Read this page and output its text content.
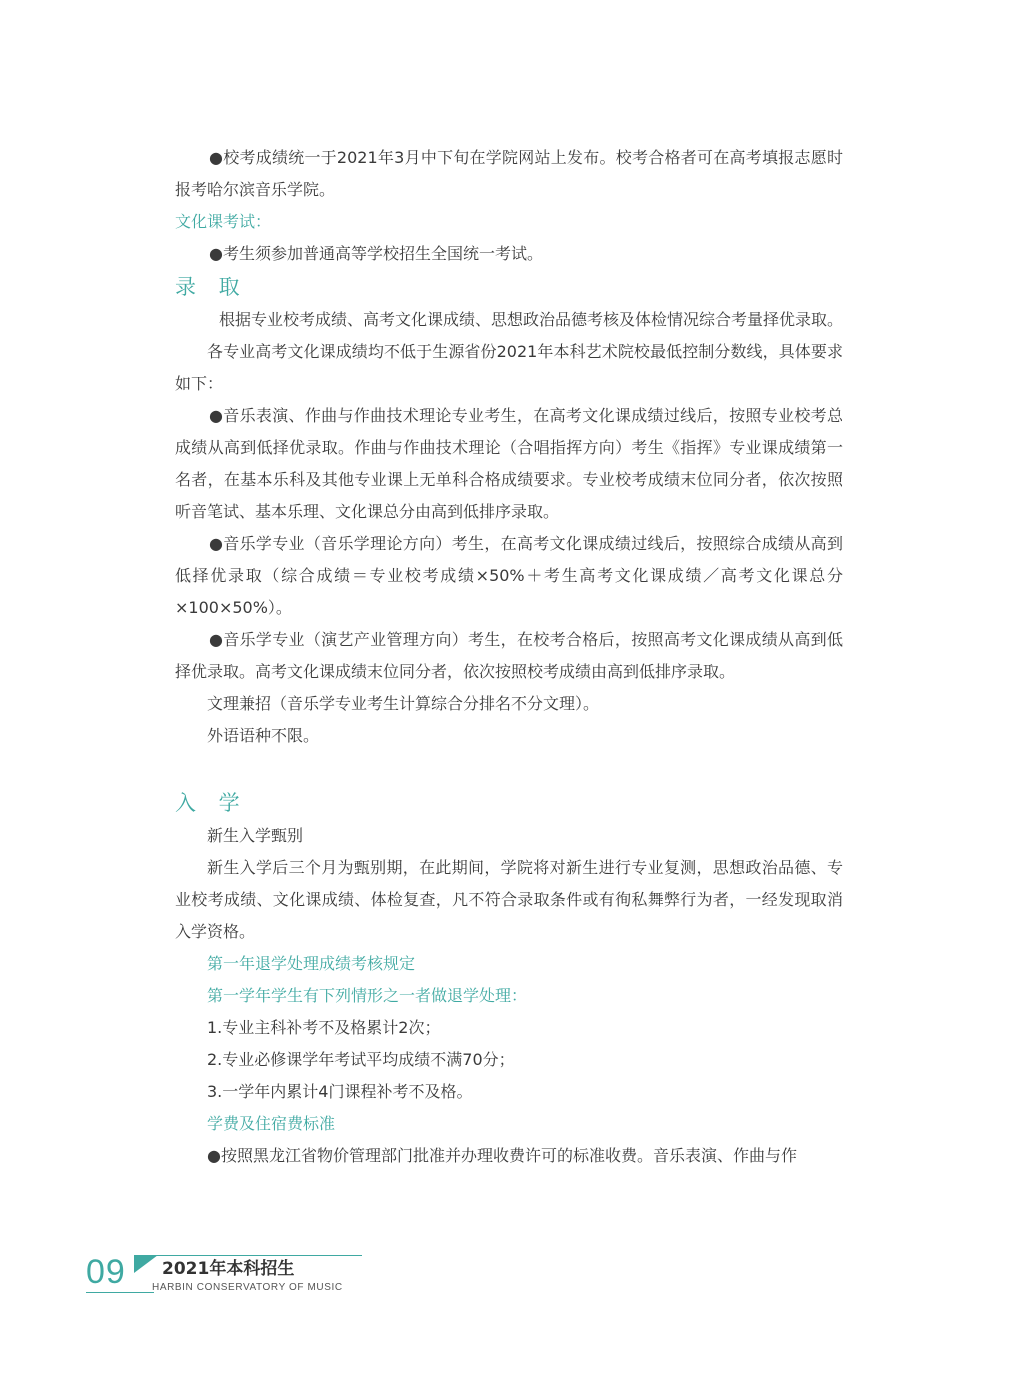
●校考成绩统一于2021年3月中下旬在学院网站上发布。校考合格者可在高考填报志愿时报考哈尔滨音乐学院。

文化课考试：

●考生须参加普通高等学校招生全国统一考试。

录 取

根据专业校考成绩、高考文化课成绩、思想政治品德考核及体检情况综合考量择优录取。

各专业高考文化课成绩均不低于生源省份2021年本科艺术院校最低控制分数线，具体要求如下：

●音乐表演、作曲与作曲技术理论专业考生，在高考文化课成绩过线后，按照专业校考总成绩从高到低择优录取。作曲与作曲技术理论（合唱指挥方向）考生《指挥》专业课成绩第一名者，在基本乐科及其他专业课上无单科合格成绩要求。专业校考成绩末位同分者，依次按照听音笔试、基本乐理、文化课总分由高到低排序录取。

●音乐学专业（音乐学理论方向）考生，在高考文化课成绩过线后，按照综合成绩从高到低择优录取（综合成绩＝专业校考成绩×50%＋考生高考文化课成绩／高考文化课总分×100×50%）。

●音乐学专业（演艺产业管理方向）考生，在校考合格后，按照高考文化课成绩从高到低择优录取。高考文化课成绩末位同分者，依次按照校考成绩由高到低排序录取。

文理兼招（音乐学专业考生计算综合分排名不分文理）。

外语语种不限。

入 学

新生入学甄别

新生入学后三个月为甄别期，在此期间，学院将对新生进行专业复测，思想政治品德、专业校考成绩、文化课成绩、体检复查，凡不符合录取条件或有徇私舞弊行为者，一经发现取消入学资格。

第一年退学处理成绩考核规定

第一学年学生有下列情形之一者做退学处理：

1.专业主科补考不及格累计2次；

2.专业必修课学年考试平均成绩不满70分；

3.一学年内累计4门课程补考不及格。

学费及住宿费标准

●按照黑龙江省物价管理部门批准并办理收费许可的标准收费。音乐表演、作曲与作

09 2021年本科招生
HARBIN CONSERVATORY OF MUSIC
